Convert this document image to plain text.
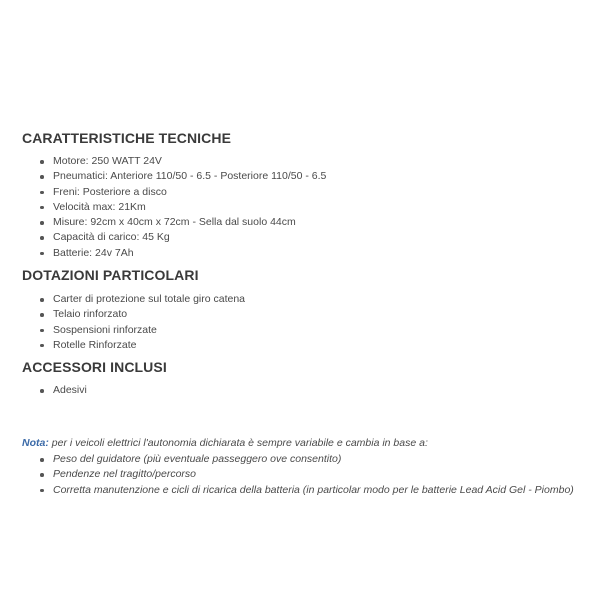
CARATTERISTICHE TECNICHE
Motore: 250 WATT 24V
Pneumatici: Anteriore 110/50 - 6.5 - Posteriore 110/50 - 6.5
Freni: Posteriore a disco
Velocità max: 21Km
Misure: 92cm x 40cm x 72cm - Sella dal suolo 44cm
Capacità di carico: 45 Kg
Batterie: 24v 7Ah
DOTAZIONI PARTICOLARI
Carter di protezione sul totale giro catena
Telaio rinforzato
Sospensioni rinforzate
Rotelle Rinforzate
ACCESSORI INCLUSI
Adesivi

Nota: per i veicoli elettrici l'autonomia dichiarata è sempre variabile e cambia in base a:

Peso del guidatore (più eventuale passeggero ove consentito)
Pendenze nel tragitto/percorso
Corretta manutenzione e cicli di ricarica della batteria (in particolar modo per le batterie Lead Acid Gel - Piombo)
